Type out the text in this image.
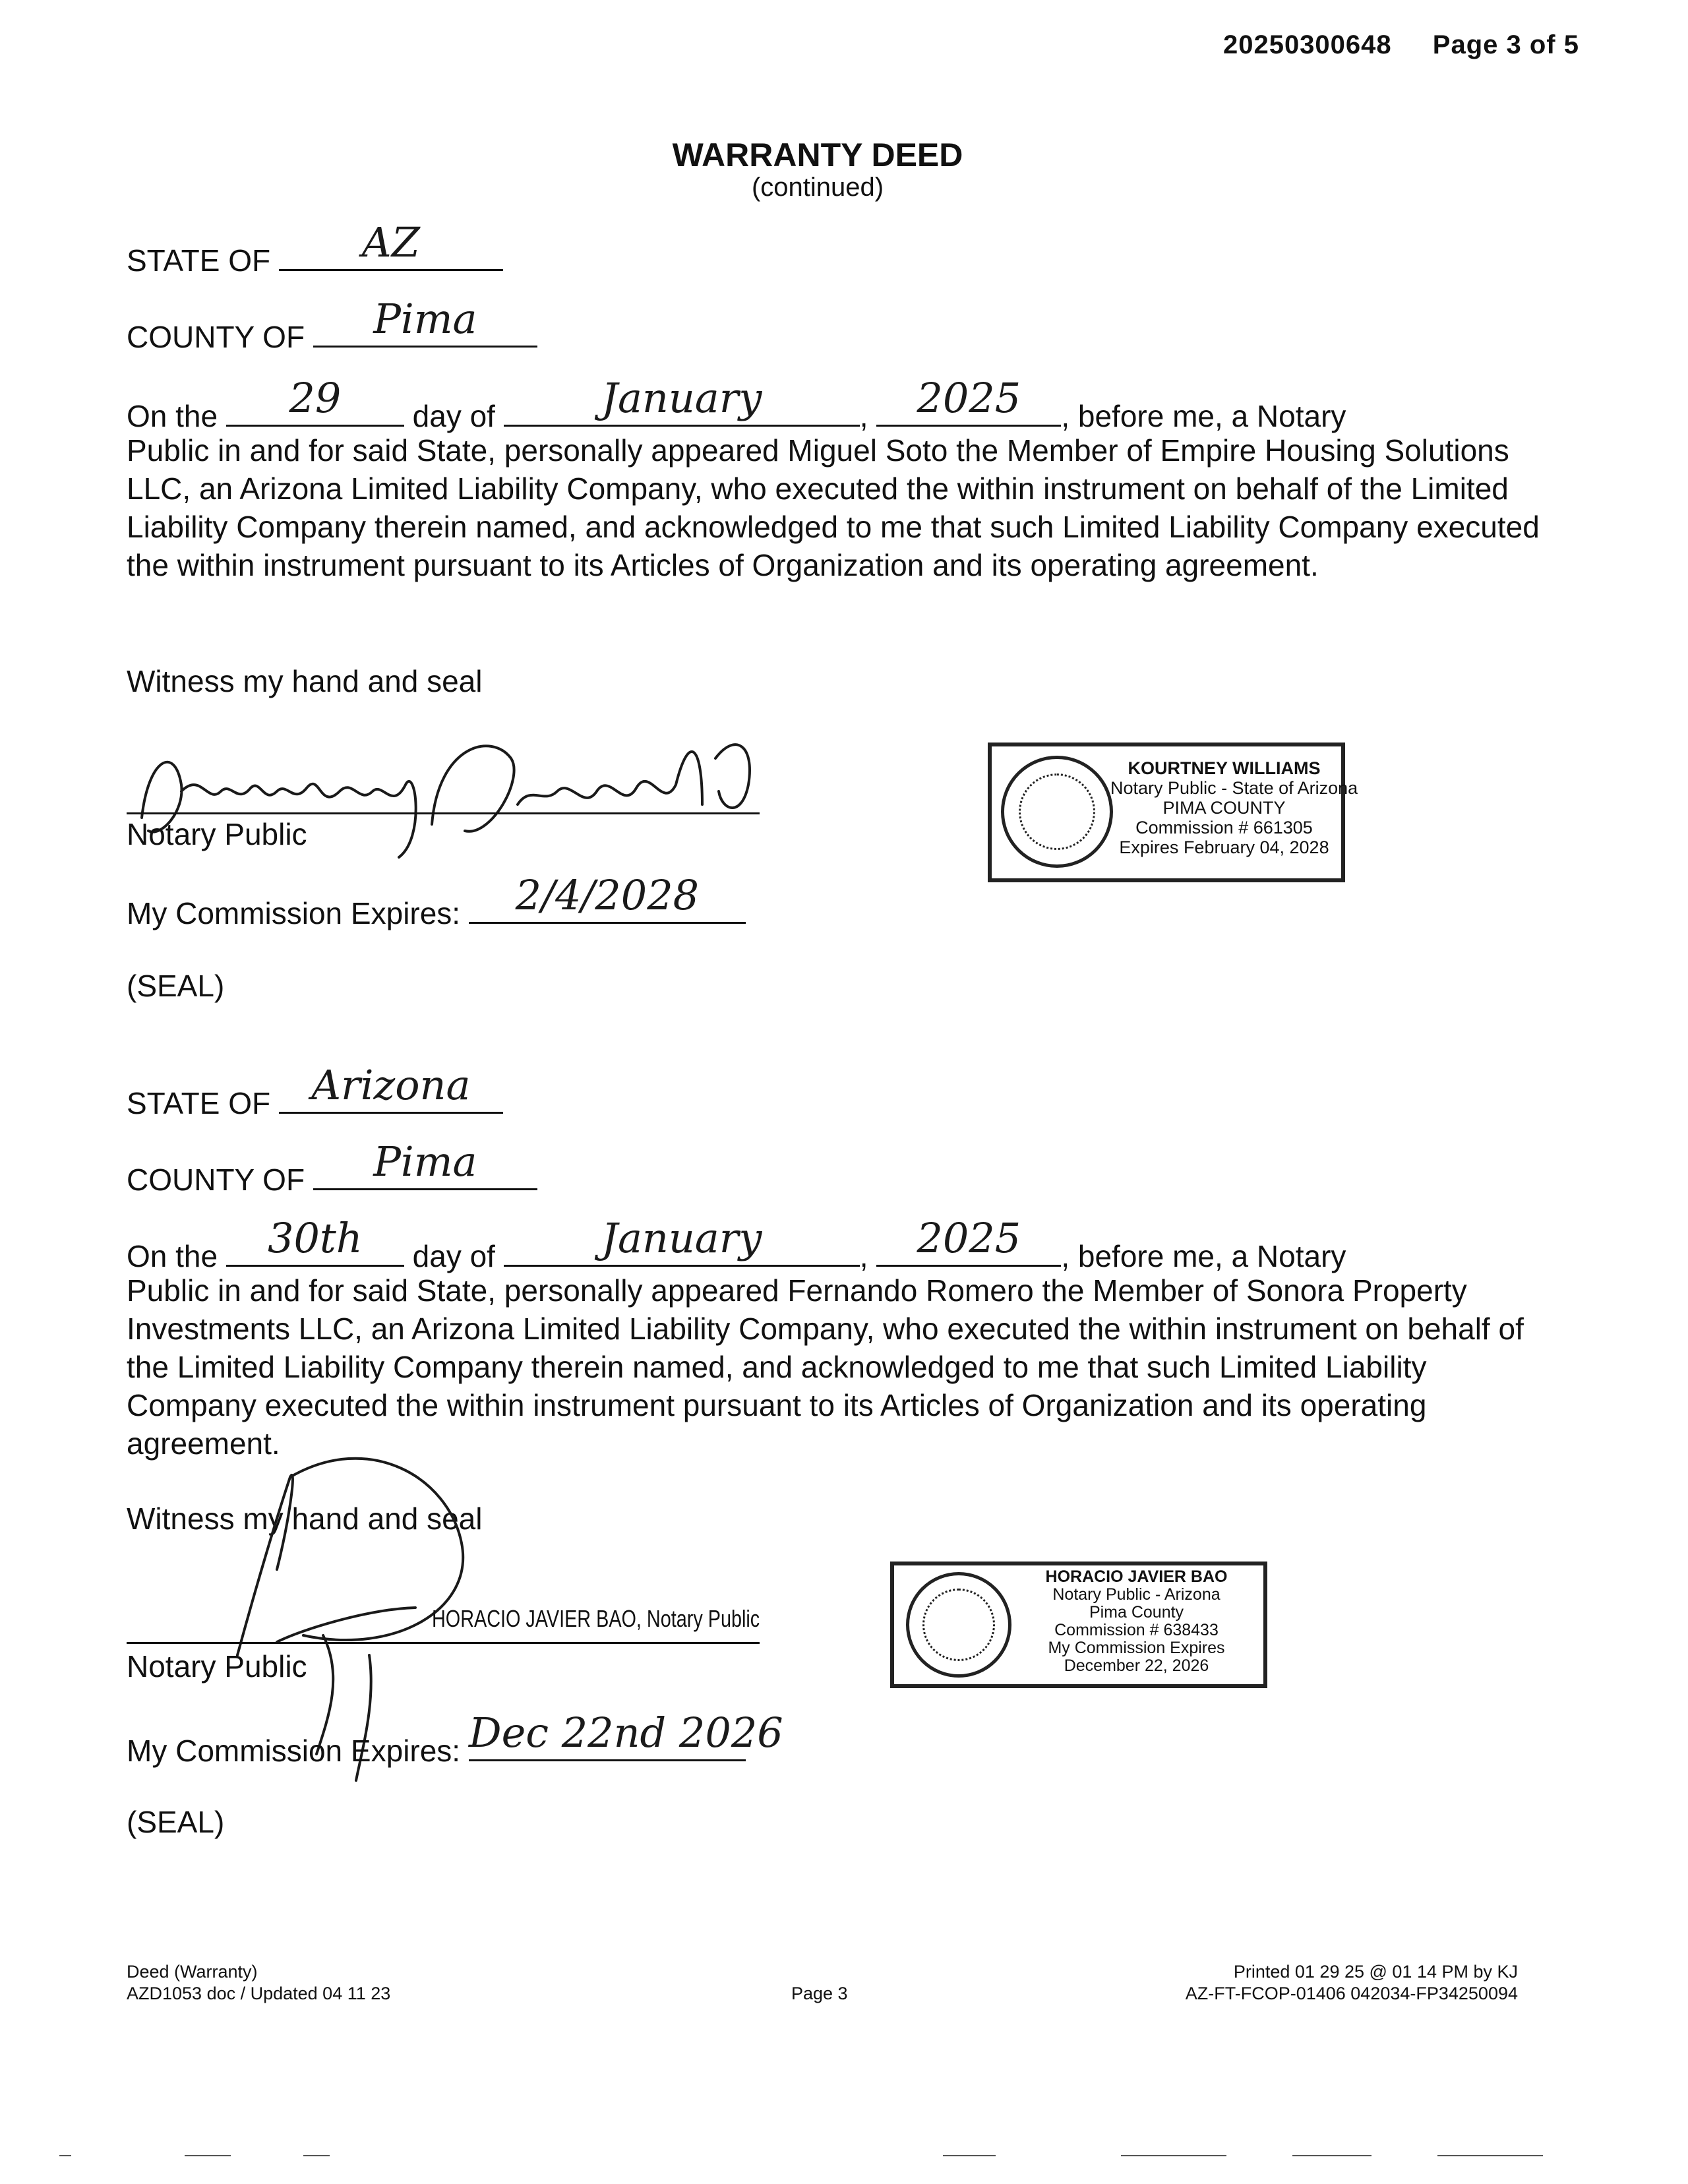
20250300648 Page 3 of 5
WARRANTY DEED
(continued)
STATE OF	AZ
COUNTY OF	Pima
On the	29	day of	January	,	2025	, before me, a Notary
Public in and for said State, personally appeared Miguel Soto the Member of Empire Housing Solutions LLC, an Arizona Limited Liability Company, who executed the within instrument on behalf of the Limited Liability Company therein named, and acknowledged to me that such Limited Liability Company executed the within instrument pursuant to its Articles of Organization and its operating agreement.
Witness my hand and seal
Notary Public
KOURTNEY WILLIAMS
Notary Public - State of Arizona
PIMA COUNTY
Commission # 661305
Expires February 04, 2028
My Commission Expires:	2/4/2028
(SEAL)
STATE OF	Arizona
COUNTY OF	Pima
On the	30th	day of	January	,	2025	, before me, a Notary
Public in and for said State, personally appeared Fernando Romero the Member of Sonora Property Investments LLC, an Arizona Limited Liability Company, who executed the within instrument on behalf of the Limited Liability Company therein named, and acknowledged to me that such Limited Liability Company executed the within instrument pursuant to its Articles of Organization and its operating agreement.
Witness my hand and seal
HORACIO JAVIER BAO, Notary Public
Notary Public
HORACIO JAVIER BAO
Notary Public - Arizona
Pima County
Commission # 638433
My Commission Expires
December 22, 2026
My Commission Expires: Dec 22nd 2026
(SEAL)
Deed (Warranty)
AZD1053 doc / Updated 04 11 23	Page 3
Printed 01 29 25 @ 01 14 PM by KJ
AZ-FT-FCOP-01406 042034-FP34250094
